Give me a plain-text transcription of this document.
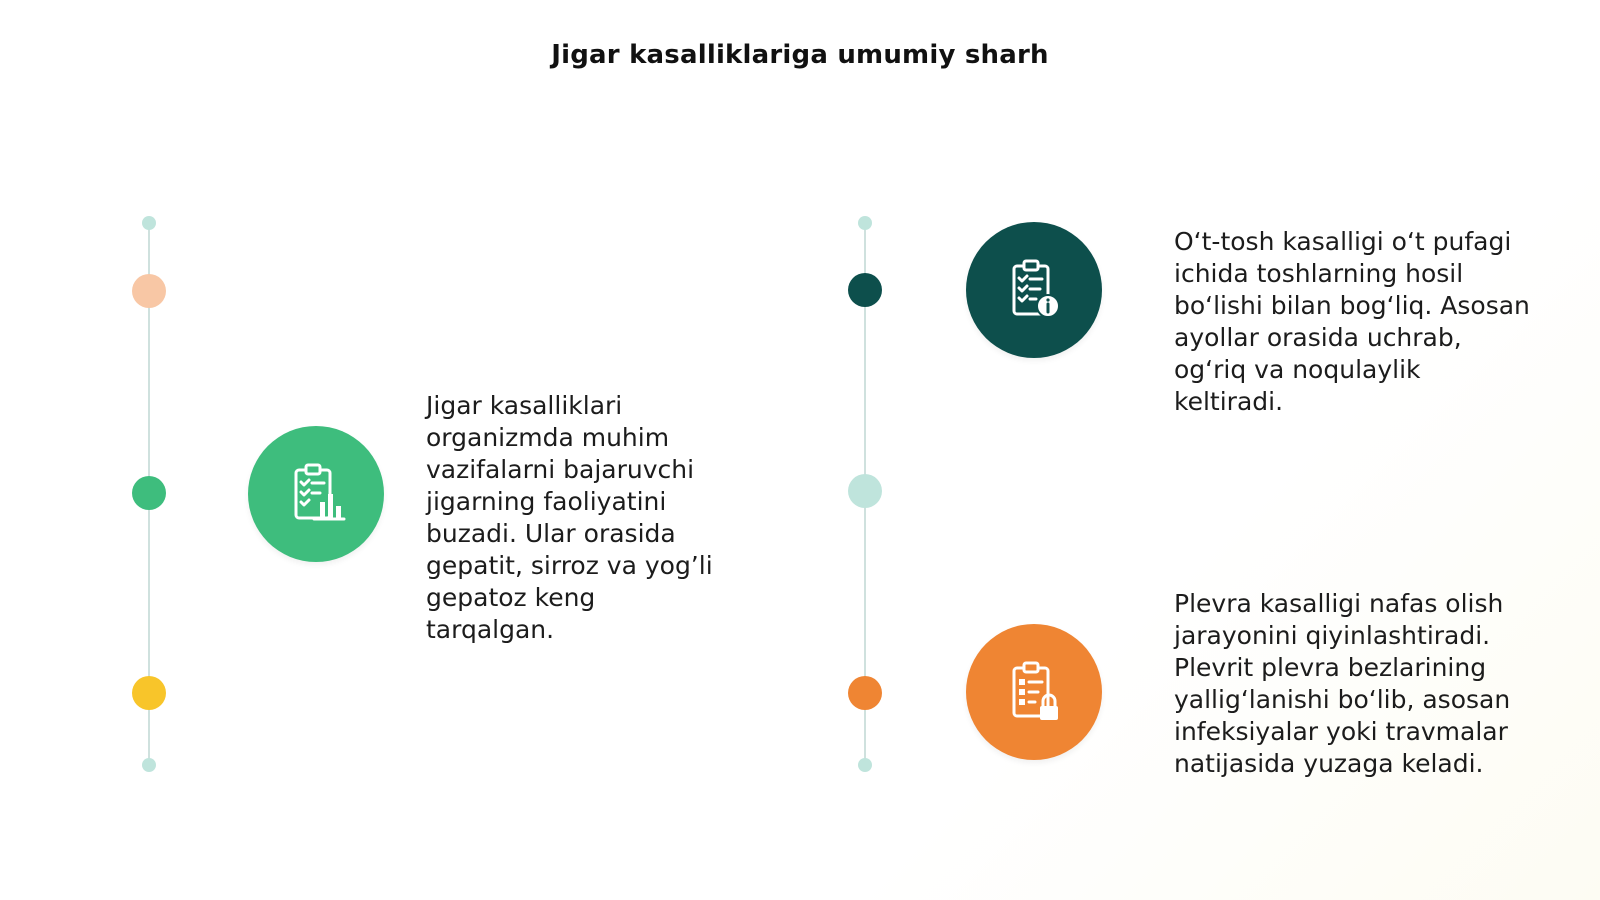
Jigar kasalliklariga umumiy sharh
Jigar kasalliklari
organizmda muhim
vazifalarni bajaruvchi
jigarning faoliyatini
buzadi. Ular orasida
gepatit, sirroz va yog’li
gepatoz keng
tarqalgan.
O‘t-tosh kasalligi o‘t pufagi
ichida toshlarning hosil
bo‘lishi bilan bog‘liq. Asosan
ayollar orasida uchrab,
og‘riq va noqulaylik
keltiradi.
Plevra kasalligi nafas olish
jarayonini qiyinlashtiradi.
Plevrit plevra bezlarining
yallig‘lanishi bo‘lib, asosan
infeksiyalar yoki travmalar
natijasida yuzaga keladi.
